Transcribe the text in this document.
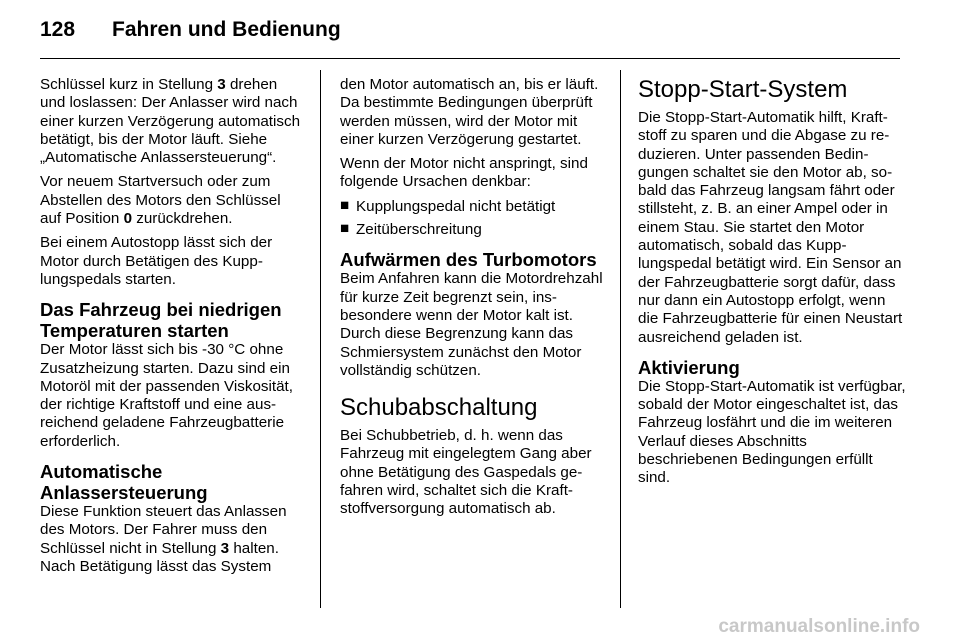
128 Fahren und Bedienung

Schlüssel kurz in Stellung 3 drehen und loslassen: Der Anlasser wird nach einer kurzen Verzögerung automatisch betätigt, bis der Motor läuft. Siehe „Automatische Anlassersteuerung“.

Vor neuem Startversuch oder zum Abstellen des Motors den Schlüssel auf Position 0 zurückdrehen.

Bei einem Autostopp lässt sich der Motor durch Betätigen des Kupplungspedals starten.

Das Fahrzeug bei niedrigen Temperaturen starten

Der Motor lässt sich bis -30 °C ohne Zusatzheizung starten. Dazu sind ein Motoröl mit der passenden Viskosität, der richtige Kraftstoff und eine ausreichend geladene Fahrzeugbatterie erforderlich.

Automatische Anlassersteuerung

Diese Funktion steuert das Anlassen des Motors. Der Fahrer muss den Schlüssel nicht in Stellung 3 halten. Nach Betätigung lässt das System

den Motor automatisch an, bis er läuft. Da bestimmte Bedingungen überprüft werden müssen, wird der Motor mit einer kurzen Verzögerung gestartet.

Wenn der Motor nicht anspringt, sind folgende Ursachen denkbar:

■ Kupplungspedal nicht betätigt
■ Zeitüberschreitung
Aufwärmen des Turbomotors

Beim Anfahren kann die Motordrehzahl für kurze Zeit begrenzt sein, insbesondere wenn der Motor kalt ist. Durch diese Begrenzung kann das Schmiersystem zunächst den Motor vollständig schützen.

Schubabschaltung

Bei Schubbetrieb, d. h. wenn das Fahrzeug mit eingelegtem Gang aber ohne Betätigung des Gaspedals gefahren wird, schaltet sich die Kraftstoffversorgung automatisch ab.

Stopp-Start-System

Die Stopp-Start-Automatik hilft, Kraftstoff zu sparen und die Abgase zu reduzieren. Unter passenden Bedingungen schaltet sie den Motor ab, sobald das Fahrzeug langsam fährt oder stillsteht, z. B. an einer Ampel oder in einem Stau. Sie startet den Motor automatisch, sobald das Kupplungspedal betätigt wird. Ein Sensor an der Fahrzeugbatterie sorgt dafür, dass nur dann ein Autostopp erfolgt, wenn die Fahrzeugbatterie für einen Neustart ausreichend geladen ist.

Aktivierung

Die Stopp-Start-Automatik ist verfügbar, sobald der Motor eingeschaltet ist, das Fahrzeug losfährt und die im weiteren Verlauf dieses Abschnitts beschriebenen Bedingungen erfüllt sind.

carmanualsonline.info
